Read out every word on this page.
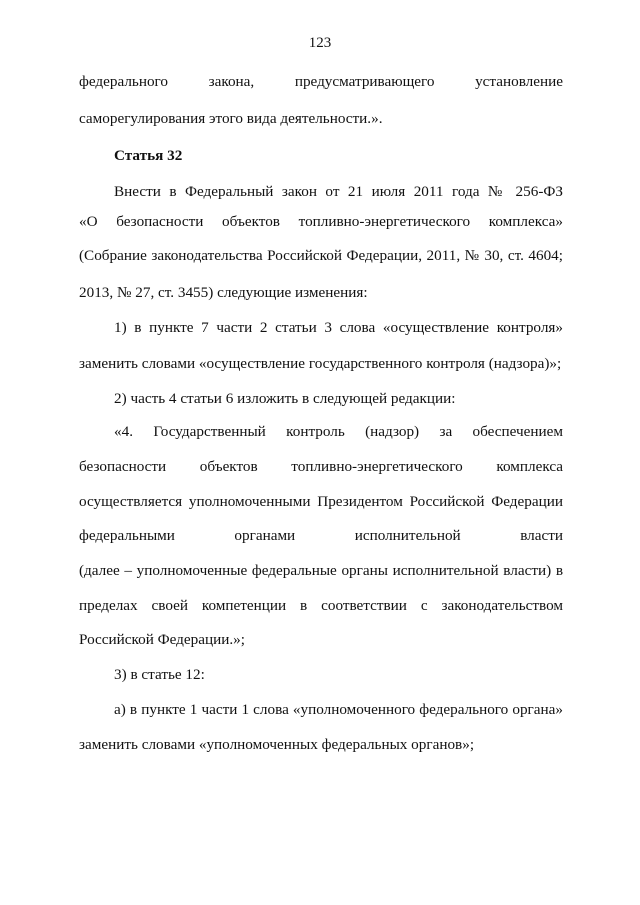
123
федерального закона, предусматривающего установление
саморегулирования этого вида деятельности.».
Статья 32
Внести в Федеральный закон от 21 июля 2011 года № 256-ФЗ
«О безопасности объектов топливно-энергетического комплекса»
(Собрание законодательства Российской Федерации, 2011, № 30, ст. 4604;
2013, № 27, ст. 3455) следующие изменения:
1) в пункте 7 части 2 статьи 3 слова «осуществление контроля»
заменить словами «осуществление государственного контроля (надзора)»;
2) часть 4 статьи 6 изложить в следующей редакции:
«4. Государственный контроль (надзор) за обеспечением
безопасности объектов топливно-энергетического комплекса
осуществляется уполномоченными Президентом Российской Федерации
федеральными органами исполнительной власти
(далее – уполномоченные федеральные органы исполнительной власти) в
пределах своей компетенции в соответствии с законодательством
Российской Федерации.»;
3) в статье 12:
а) в пункте 1 части 1 слова «уполномоченного федерального органа»
заменить словами «уполномоченных федеральных органов»;
